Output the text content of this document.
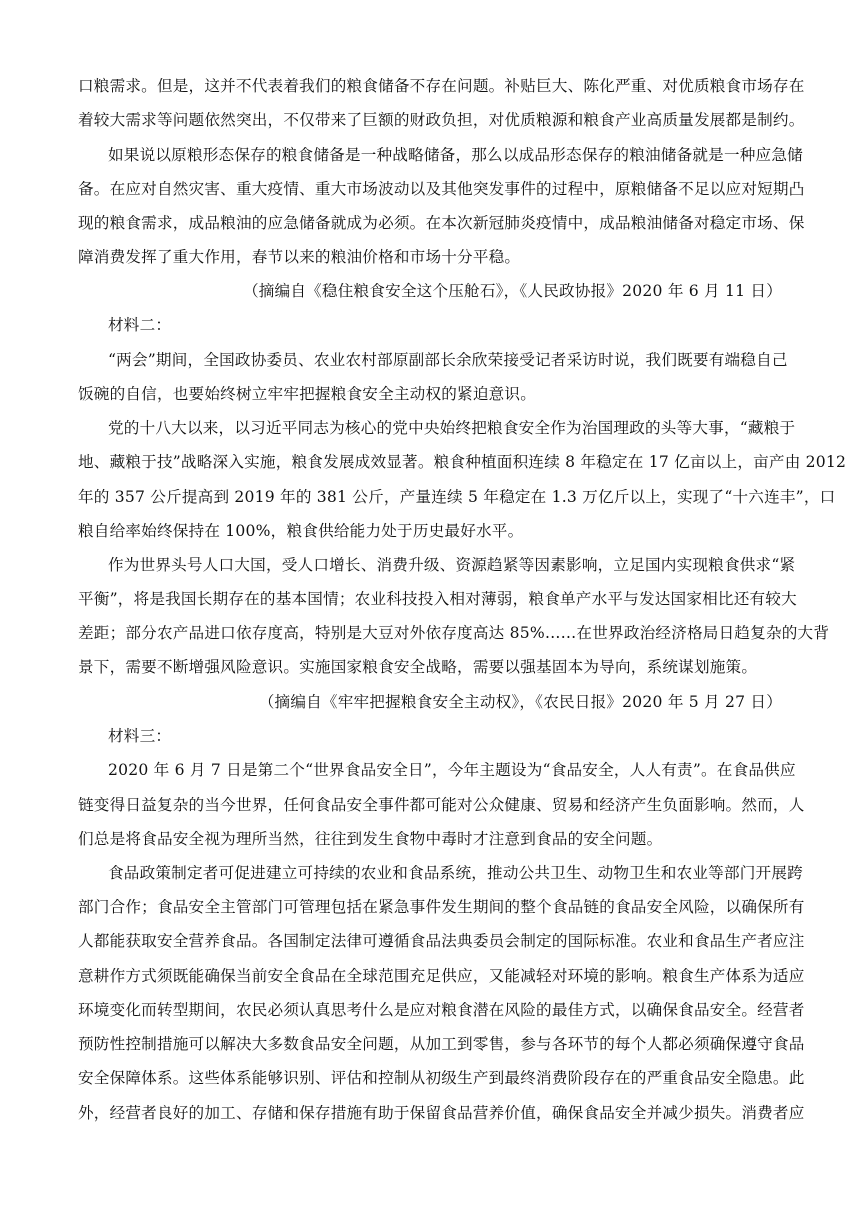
口粮需求。但是，这并不代表着我们的粮食储备不存在问题。补贴巨大、陈化严重、对优质粮食市场存在
着较大需求等问题依然突出，不仅带来了巨额的财政负担，对优质粮源和粮食产业高质量发展都是制约。
如果说以原粮形态保存的粮食储备是一种战略储备，那么以成品形态保存的粮油储备就是一种应急储
备。在应对自然灾害、重大疫情、重大市场波动以及其他突发事件的过程中，原粮储备不足以应对短期凸
现的粮食需求，成品粮油的应急储备就成为必须。在本次新冠肺炎疫情中，成品粮油储备对稳定市场、保
障消费发挥了重大作用，春节以来的粮油价格和市场十分平稳。
（摘编自《稳住粮食安全这个压舱石》，《人民政协报》2020 年 6 月 11 日）
材料二：
“两会”期间，全国政协委员、农业农村部原副部长余欣荣接受记者采访时说，我们既要有端稳自己
饭碗的自信，也要始终树立牢牢把握粮食安全主动权的紧迫意识。
党的十八大以来，以习近平同志为核心的党中央始终把粮食安全作为治国理政的头等大事，“藏粮于
地、藏粮于技”战略深入实施，粮食发展成效显著。粮食种植面积连续 8 年稳定在 17 亿亩以上，亩产由 2012
年的 357 公斤提高到 2019 年的 381 公斤，产量连续 5 年稳定在 1.3 万亿斤以上，实现了“十六连丰”，口
粮自给率始终保持在 100%，粮食供给能力处于历史最好水平。
作为世界头号人口大国，受人口增长、消费升级、资源趋紧等因素影响，立足国内实现粮食供求“紧
平衡”，将是我国长期存在的基本国情；农业科技投入相对薄弱，粮食单产水平与发达国家相比还有较大
差距；部分农产品进口依存度高，特别是大豆对外依存度高达 85%……在世界政治经济格局日趋复杂的大背
景下，需要不断增强风险意识。实施国家粮食安全战略，需要以强基固本为导向，系统谋划施策。
（摘编自《牢牢把握粮食安全主动权》，《农民日报》2020 年 5 月 27 日）
材料三：
2020 年 6 月 7 日是第二个“世界食品安全日”，今年主题设为“食品安全，人人有责”。在食品供应
链变得日益复杂的当今世界，任何食品安全事件都可能对公众健康、贸易和经济产生负面影响。然而，人
们总是将食品安全视为理所当然，往往到发生食物中毒时才注意到食品的安全问题。
食品政策制定者可促进建立可持续的农业和食品系统，推动公共卫生、动物卫生和农业等部门开展跨
部门合作；食品安全主管部门可管理包括在紧急事件发生期间的整个食品链的食品安全风险，以确保所有
人都能获取安全营养食品。各国制定法律可遵循食品法典委员会制定的国际标准。农业和食品生产者应注
意耕作方式须既能确保当前安全食品在全球范围充足供应，又能减轻对环境的影响。粮食生产体系为适应
环境变化而转型期间，农民必须认真思考什么是应对粮食潜在风险的最佳方式，以确保食品安全。经营者
预防性控制措施可以解决大多数食品安全问题，从加工到零售，参与各环节的每个人都必须确保遵守食品
安全保障体系。这些体系能够识别、评估和控制从初级生产到最终消费阶段存在的严重食品安全隐患。此
外，经营者良好的加工、存储和保存措施有助于保留食品营养价值，确保食品安全并减少损失。消费者应
